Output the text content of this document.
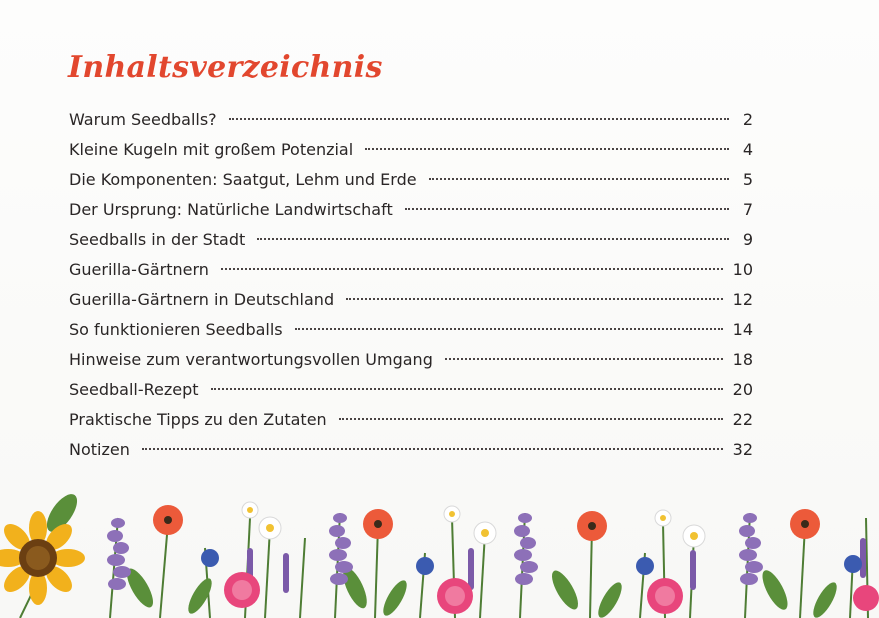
Inhaltsverzeichnis
Warum Seedballs?	2
Kleine Kugeln mit großem Potenzial	4
Die Komponenten: Saatgut, Lehm und Erde	5
Der Ursprung: Natürliche Landwirtschaft	7
Seedballs in der Stadt	9
Guerilla-Gärtnern	10
Guerilla-Gärtnern in Deutschland	12
So funktionieren Seedballs	14
Hinweise zum verantwortungsvollen Umgang	18
Seedball-Rezept	20
Praktische Tipps zu den Zutaten	22
Notizen	32
